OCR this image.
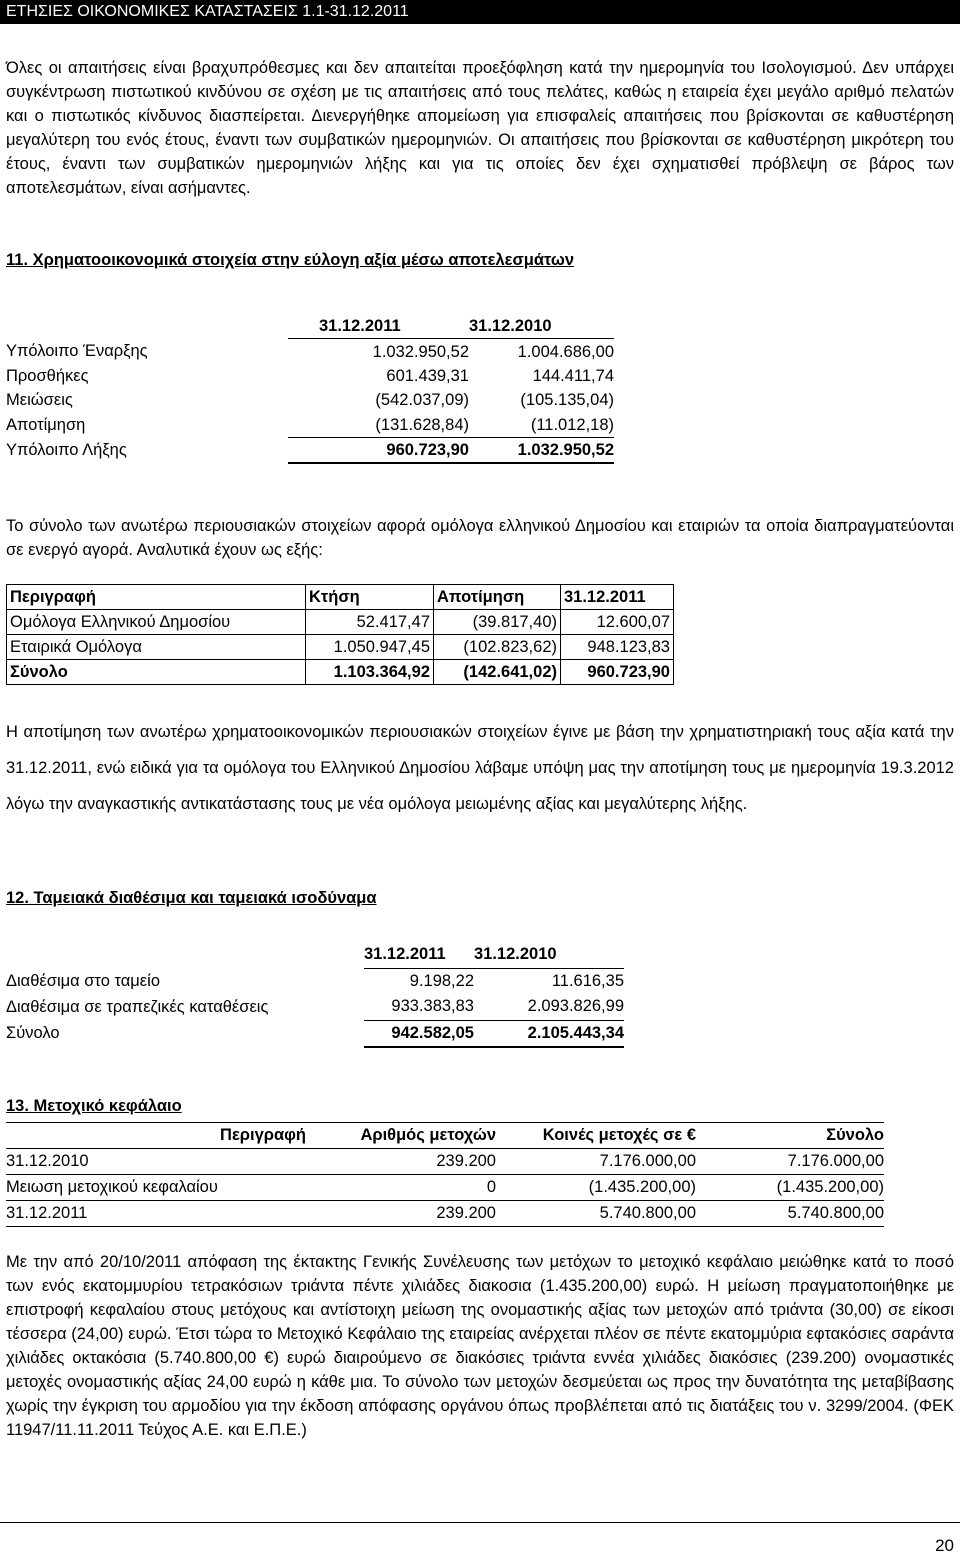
ΕΤΗΣΙΕΣ ΟΙΚΟΝΟΜΙΚΕΣ ΚΑΤΑΣΤΑΣΕΙΣ 1.1-31.12.2011

Όλες οι απαιτήσεις είναι βραχυπρόθεσμες και δεν απαιτείται προεξόφληση κατά την ημερομηνία του Ισολογισμού. Δεν υπάρχει συγκέντρωση πιστωτικού κινδύνου σε σχέση με τις απαιτήσεις από τους πελάτες, καθώς η εταιρεία έχει μεγάλο αριθμό πελατών και ο πιστωτικός κίνδυνος διασπείρεται. Διενεργήθηκε απομείωση για επισφαλείς απαιτήσεις που βρίσκονται σε καθυστέρηση μεγαλύτερη του ενός έτους, έναντι των συμβατικών ημερομηνιών. Οι απαιτήσεις που βρίσκονται σε καθυστέρηση μικρότερη του έτους, έναντι των συμβατικών ημερομηνιών λήξης και για τις οποίες δεν έχει σχηματισθεί πρόβλεψη σε βάρος των αποτελεσμάτων, είναι ασήμαντες.

11. Χρηματοοικονομικά στοιχεία στην εύλογη αξία μέσω αποτελεσμάτων
	31.12.2011	31.12.2010
Υπόλοιπο Έναρξης	1.032.950,52	1.004.686,00
Προσθήκες	601.439,31	144.411,74
Μειώσεις	(542.037,09)	(105.135,04)
Αποτίμηση	(131.628,84)	(11.012,18)
Υπόλοιπο Λήξης	960.723,90	1.032.950,52

Το σύνολο των ανωτέρω περιουσιακών στοιχείων αφορά ομόλογα ελληνικού Δημοσίου και εταιριών τα οποία διαπραγματεύονται σε ενεργό αγορά. Αναλυτικά έχουν ως εξής:

Περιγραφή	Κτήση	Αποτίμηση	31.12.2011
Ομόλογα Ελληνικού Δημοσίου	52.417,47	(39.817,40)	12.600,07
Εταιρικά Ομόλογα	1.050.947,45	(102.823,62)	948.123,83
Σύνολο	1.103.364,92	(142.641,02)	960.723,90

Η αποτίμηση των ανωτέρω χρηματοοικονομικών περιουσιακών στοιχείων έγινε με βάση την χρηματιστηριακή τους αξία κατά την 31.12.2011, ενώ ειδικά για τα ομόλογα του Ελληνικού Δημοσίου λάβαμε υπόψη μας την αποτίμηση τους με ημερομηνία 19.3.2012 λόγω την αναγκαστικής αντικατάστασης τους με νέα ομόλογα μειωμένης αξίας και μεγαλύτερης λήξης.

12. Ταμειακά διαθέσιμα και ταμειακά ισοδύναμα
	31.12.2011	31.12.2010
Διαθέσιμα στο ταμείο	9.198,22	11.616,35
Διαθέσιμα σε τραπεζικές καταθέσεις	933.383,83	2.093.826,99
Σύνολο	942.582,05	2.105.443,34
13. Μετοχικό κεφάλαιο
Περιγραφή	Αριθμός μετοχών	Κοινές μετοχές σε €	Σύνολο
31.12.2010	239.200	7.176.000,00	7.176.000,00
Μειωση μετοχικού κεφαλαίου	0	(1.435.200,00)	(1.435.200,00)
31.12.2011	239.200	5.740.800,00	5.740.800,00

Με την από 20/10/2011 απόφαση της έκτακτης Γενικής Συνέλευσης των μετόχων το μετοχικό κεφάλαιο μειώθηκε κατά το ποσό των ενός εκατομμυρίου τετρακόσιων τριάντα πέντε χιλιάδες διακοσια (1.435.200,00) ευρώ. Η μείωση πραγματοποιήθηκε με επιστροφή κεφαλαίου στους μετόχους και αντίστοιχη μείωση της ονομαστικής αξίας των μετοχών από τριάντα (30,00) σε είκοσι τέσσερα (24,00) ευρώ. Έτσι τώρα το Μετοχικό Κεφάλαιο της εταιρείας ανέρχεται πλέον σε πέντε εκατομμύρια εφτακόσιες σαράντα χιλιάδες οκτακόσια (5.740.800,00 €) ευρώ διαιρούμενο σε διακόσιες τριάντα εννέα χιλιάδες διακόσιες (239.200) ονομαστικές μετοχές ονομαστικής αξίας 24,00 ευρώ η κάθε μια. Το σύνολο των μετοχών δεσμεύεται ως προς την δυνατότητα της μεταβίβασης χωρίς την έγκριση του αρμοδίου για την έκδοση απόφασης οργάνου όπως προβλέπεται από τις διατάξεις του ν. 3299/2004. (ΦΕΚ 11947/11.11.2011 Τεύχος Α.Ε. και Ε.Π.Ε.)

20
